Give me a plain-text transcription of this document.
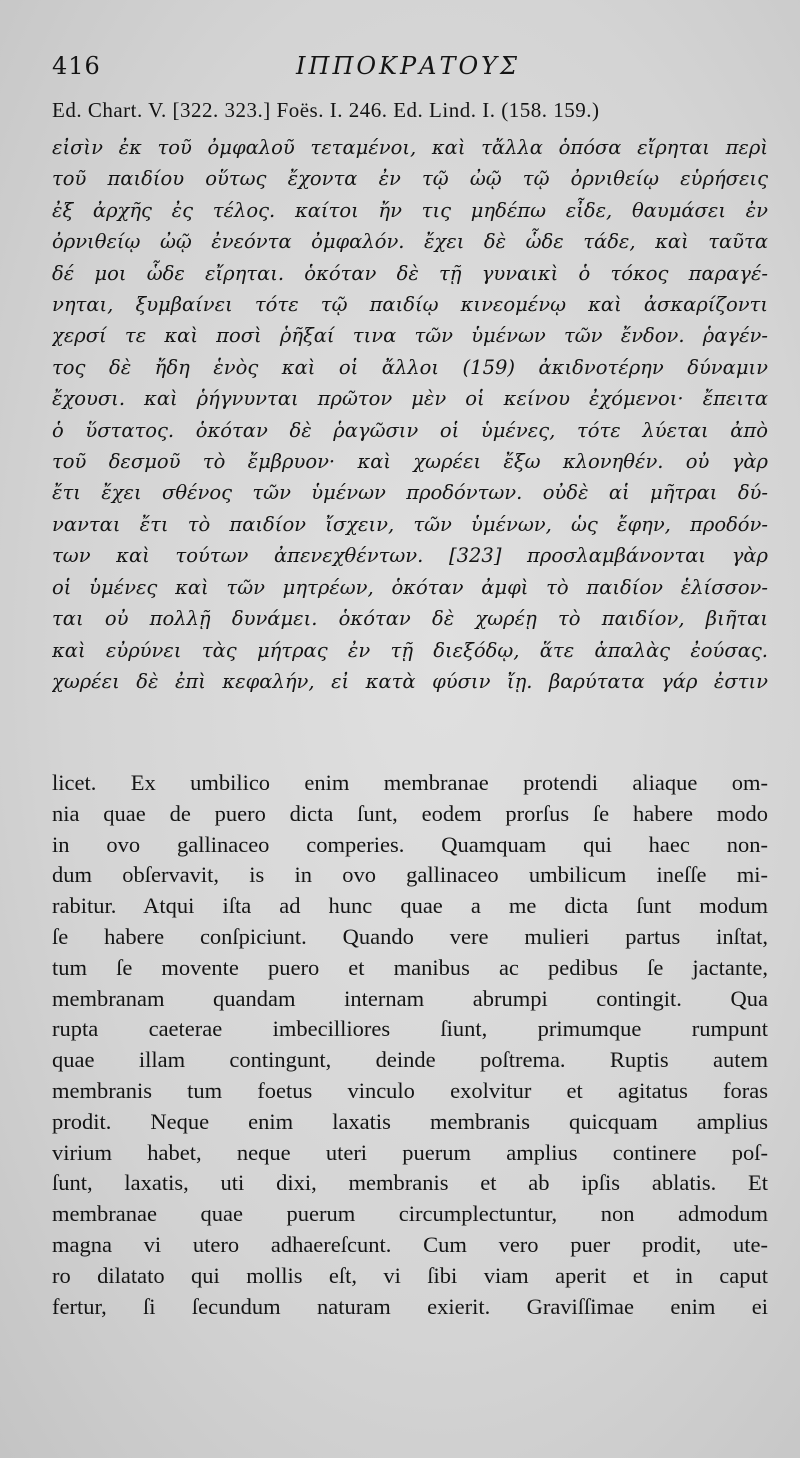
416	ΙΠΠΟΚΡΑΤΟΥΣ
Ed. Chart. V. [322. 323.] Foës. I. 246. Ed. Lind. I. (158. 159.)
εἰσὶν ἐκ τοῦ ὀμφαλοῦ τεταμένοι, καὶ τἄλλα ὁπόσα εἴρηται περὶ
τοῦ παιδίου οὕτως ἔχοντα ἐν τῷ ὠῷ τῷ ὀρνιθείῳ εὑρήσεις
ἐξ ἀρχῆς ἐς τέλος. καίτοι ἤν τις μηδέπω εἶδε, θαυμάσει ἐν
ὀρνιθείῳ ὠῷ ἐνεόντα ὀμφαλόν. ἔχει δὲ ὧδε τάδε, καὶ ταῦτα
δέ μοι ὧδε εἴρηται. ὁκόταν δὲ τῇ γυναικὶ ὁ τόκος παραγέ-
νηται, ξυμβαίνει τότε τῷ παιδίῳ κινεομένῳ καὶ ἀσκαρίζοντι
χερσί τε καὶ ποσὶ ῥῆξαί τινα τῶν ὑμένων τῶν ἔνδον. ῥαγέν-
τος δὲ ἤδη ἑνὸς καὶ οἱ ἄλλοι (159) ἀκιδνοτέρην δύναμιν
ἔχουσι. καὶ ῥήγνυνται πρῶτον μὲν οἱ κείνου ἐχόμενοι· ἔπειτα
ὁ ὕστατος. ὁκόταν δὲ ῥαγῶσιν οἱ ὑμένες, τότε λύεται ἀπὸ
τοῦ δεσμοῦ τὸ ἔμβρυον· καὶ χωρέει ἔξω κλονηθέν. οὐ γὰρ
ἔτι ἔχει σθένος τῶν ὑμένων προδόντων. οὐδὲ αἱ μῆτραι δύ-
νανται ἔτι τὸ παιδίον ἴσχειν, τῶν ὑμένων, ὡς ἔφην, προδόν-
των καὶ τούτων ἀπενεχθέντων. [323] προσλαμβάνονται γὰρ
οἱ ὑμένες καὶ τῶν μητρέων, ὁκόταν ἀμφὶ τὸ παιδίον ἑλίσσον-
ται οὐ πολλῇ δυνάμει. ὁκόταν δὲ χωρέῃ τὸ παιδίον, βιῆται
καὶ εὐρύνει τὰς μήτρας ἐν τῇ διεξόδῳ, ἅτε ἁπαλὰς ἐούσας.
χωρέει δὲ ἐπὶ κεφαλήν, εἰ κατὰ φύσιν ἴῃ. βαρύτατα γάρ ἐστιν
licet. Ex umbilico enim membranae protendi aliaque om-
nia quae de puero dicta ſunt, eodem prorſus ſe habere modo
in ovo gallinaceo comperies. Quamquam qui haec non-
dum obſervavit, is in ovo gallinaceo umbilicum ineſſe mi-
rabitur. Atqui iſta ad hunc quae a me dicta ſunt modum
ſe habere conſpiciunt. Quando vere mulieri partus inſtat,
tum ſe movente puero et manibus ac pedibus ſe jactante,
membranam quandam internam abrumpi contingit. Qua
rupta caeterae imbecilliores ſiunt, primumque rumpunt
quae illam contingunt, deinde poſtrema. Ruptis autem
membranis tum foetus vinculo exolvitur et agitatus foras
prodit. Neque enim laxatis membranis quicquam amplius
virium habet, neque uteri puerum amplius continere poſ-
ſunt, laxatis, uti dixi, membranis et ab ipſis ablatis. Et
membranae quae puerum circumplectuntur, non admodum
magna vi utero adhaereſcunt. Cum vero puer prodit, ute-
ro dilatato qui mollis eſt, vi ſibi viam aperit et in caput
fertur, ſi ſecundum naturam exierit. Graviſſimae enim ei
